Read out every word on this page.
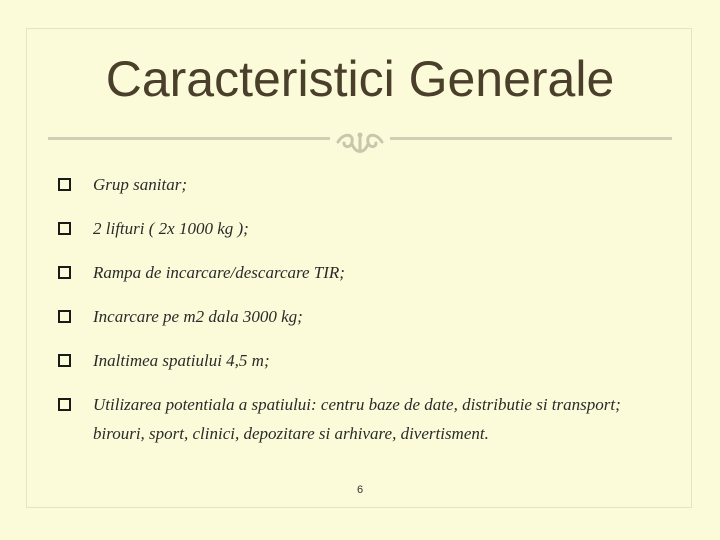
Caracteristici Generale
Grup sanitar;
2 lifturi ( 2x 1000 kg );
Rampa de incarcare/descarcare TIR;
Incarcare pe m2 dala 3000 kg;
Inaltimea spatiului 4,5 m;
Utilizarea potentiala a spatiului: centru baze de date, distributie si transport; birouri, sport, clinici, depozitare si arhivare, divertisment.
6
